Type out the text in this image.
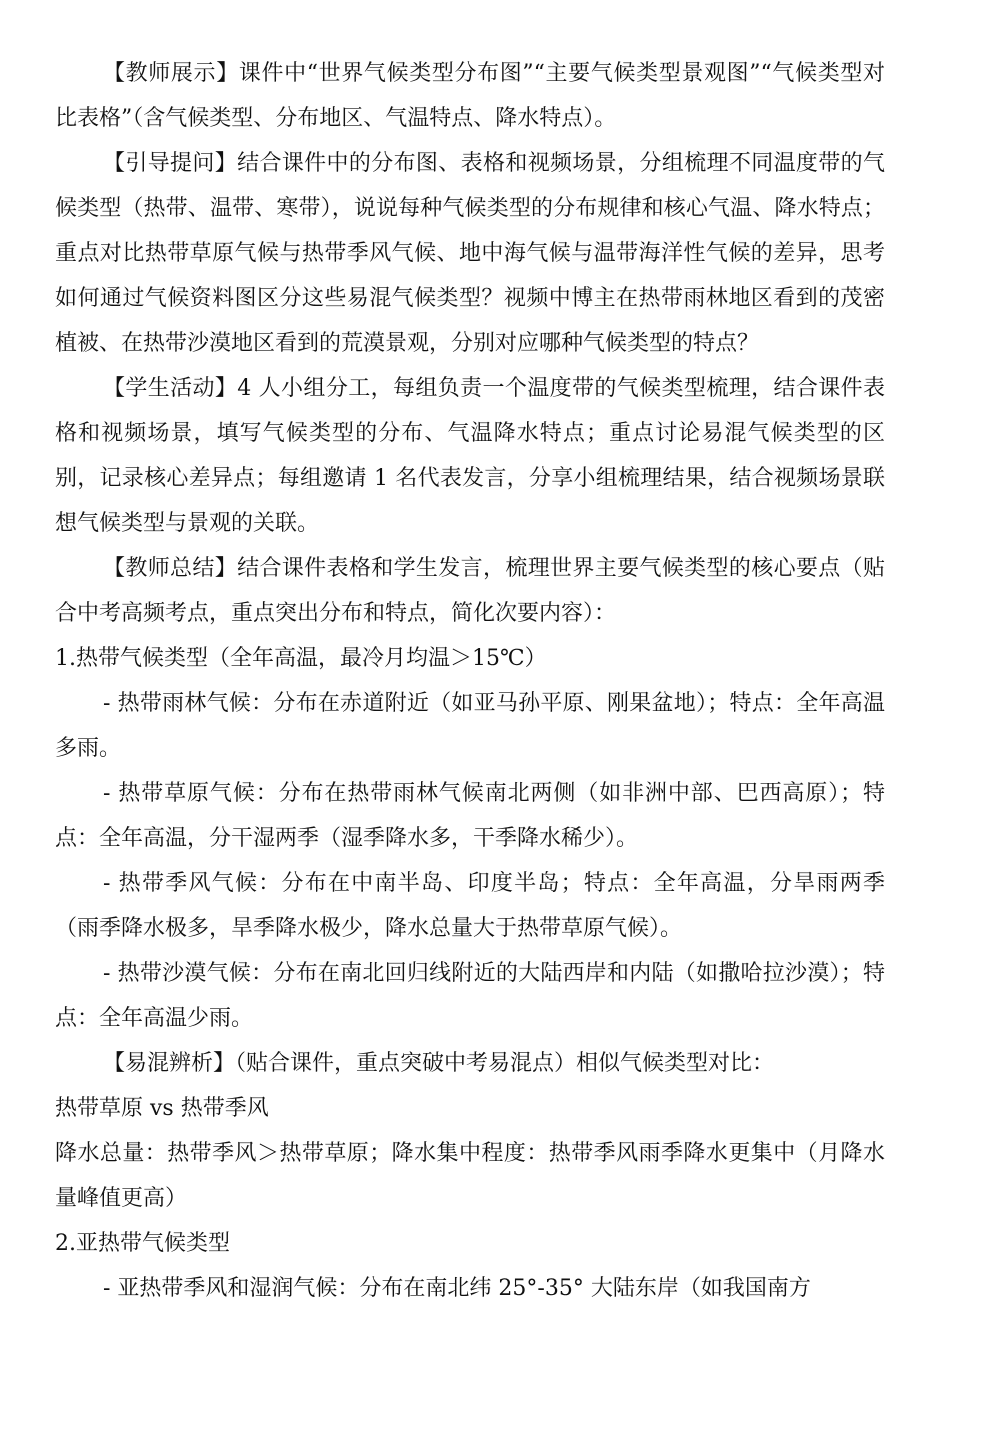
【教师展示】课件中“世界气候类型分布图”“主要气候类型景观图”“气候类型对比表格”（含气候类型、分布地区、气温特点、降水特点）。

【引导提问】结合课件中的分布图、表格和视频场景，分组梳理不同温度带的气候类型（热带、温带、寒带），说说每种气候类型的分布规律和核心气温、降水特点；重点对比热带草原气候与热带季风气候、地中海气候与温带海洋性气候的差异，思考如何通过气候资料图区分这些易混气候类型？视频中博主在热带雨林地区看到的茂密植被、在热带沙漠地区看到的荒漠景观，分别对应哪种气候类型的特点？

【学生活动】4 人小组分工，每组负责一个温度带的气候类型梳理，结合课件表格和视频场景，填写气候类型的分布、气温降水特点；重点讨论易混气候类型的区别，记录核心差异点；每组邀请 1 名代表发言，分享小组梳理结果，结合视频场景联想气候类型与景观的关联。

【教师总结】结合课件表格和学生发言，梳理世界主要气候类型的核心要点（贴合中考高频考点，重点突出分布和特点，简化次要内容）：

1.热带气候类型（全年高温，最冷月均温＞15℃）

- 热带雨林气候：分布在赤道附近（如亚马孙平原、刚果盆地）；特点：全年高温多雨。

- 热带草原气候：分布在热带雨林气候南北两侧（如非洲中部、巴西高原）；特点：全年高温，分干湿两季（湿季降水多，干季降水稀少）。

- 热带季风气候：分布在中南半岛、印度半岛；特点：全年高温，分旱雨两季（雨季降水极多，旱季降水极少，降水总量大于热带草原气候）。

- 热带沙漠气候：分布在南北回归线附近的大陆西岸和内陆（如撒哈拉沙漠）；特点：全年高温少雨。

【易混辨析】（贴合课件，重点突破中考易混点）相似气候类型对比：

热带草原 vs 热带季风

降水总量：热带季风＞热带草原；降水集中程度：热带季风雨季降水更集中（月降水量峰值更高）

2.亚热带气候类型

- 亚热带季风和湿润气候：分布在南北纬 25°-35° 大陆东岸（如我国南方
